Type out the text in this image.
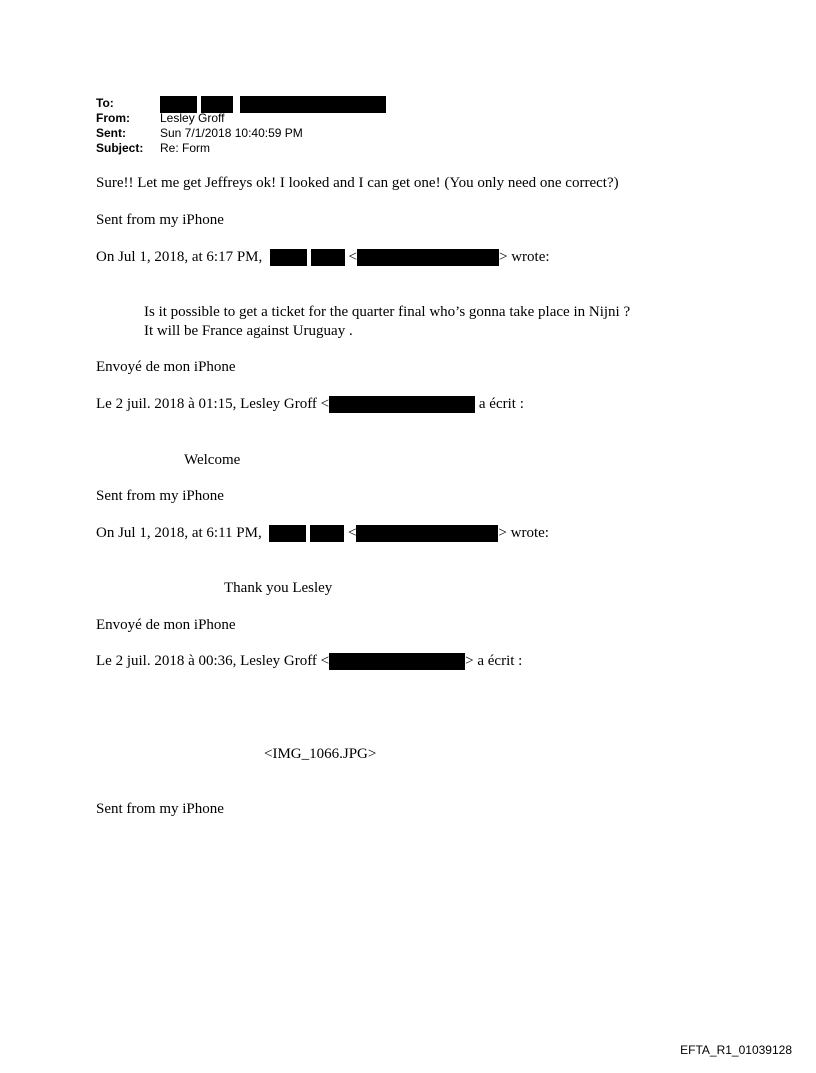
To:

From:	Lesley Groff
Sent:	Sun 7/1/2018 10:40:59 PM
Subject: Re: Form
Sure!! Let me get Jeffreys ok! I looked and I can get one! (You only need one correct?)
Sent from my iPhone
On Jul 1, 2018, at 6:17 PM,	<	> wrote:
Is it possible to get a ticket for the quarter final who’s gonna take place in Nijni ?
It will be France against Uruguay .
Envoyé de mon iPhone
Le 2 juil. 2018 à 01:15, Lesley Groff <	a écrit :
Welcome
Sent from my iPhone
On Jul 1, 2018, at 6:11 PM,	<	> wrote:
Thank you Lesley
Envoyé de mon iPhone
Le 2 juil. 2018 à 00:36, Lesley Groff <	> a écrit :
<IMG_1066.JPG>
Sent from my iPhone
EFTA_R1_01039128
